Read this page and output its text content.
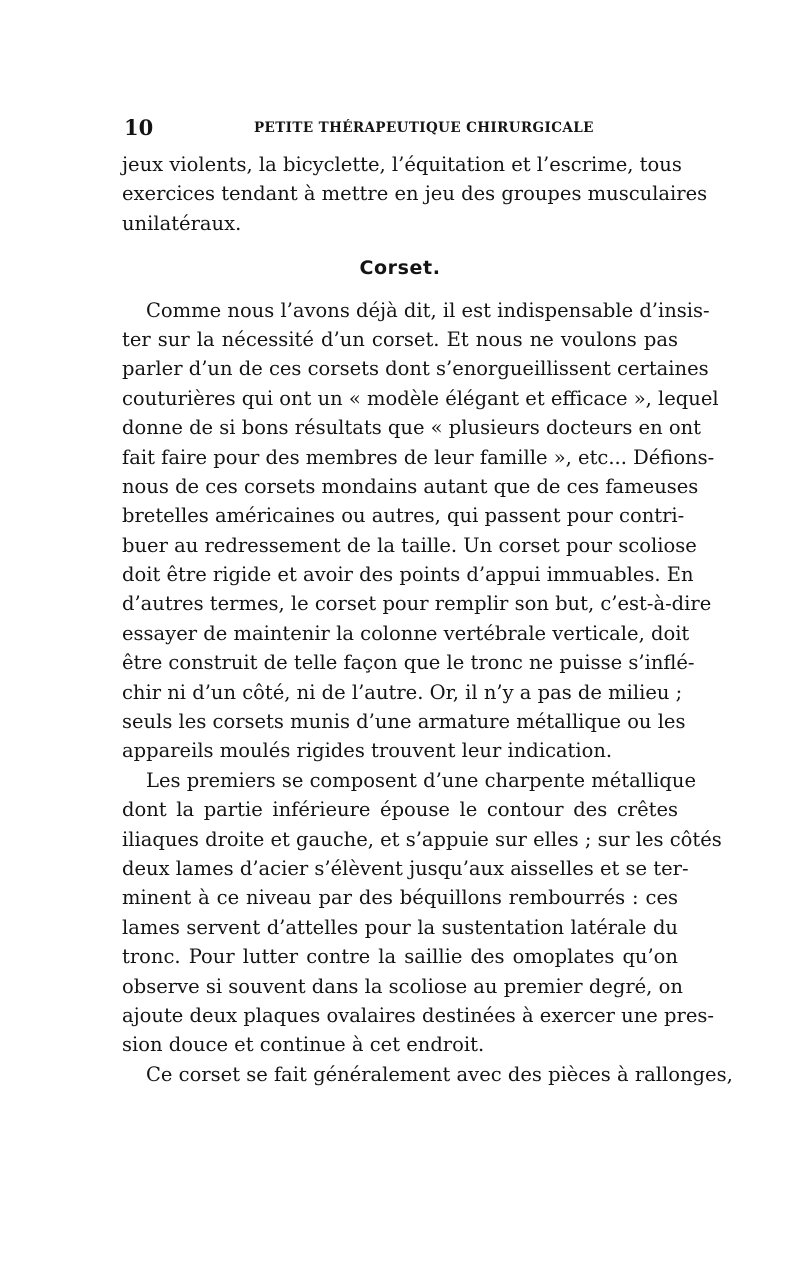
10	PETITE THÉRAPEUTIQUE CHIRURGICALE
jeux violents, la bicyclette, l’équitation et l’escrime, tous
exercices tendant à mettre en jeu des groupes musculaires
unilatéraux.
Corset.
Comme nous l’avons déjà dit, il est indispensable d’insis-
ter sur la nécessité d’un corset. Et nous ne voulons pas
parler d’un de ces corsets dont s’enorgueillissent certaines
couturières qui ont un « modèle élégant et efficace », lequel
donne de si bons résultats que « plusieurs docteurs en ont
fait faire pour des membres de leur famille », etc... Défions-
nous de ces corsets mondains autant que de ces fameuses
bretelles américaines ou autres, qui passent pour contri-
buer au redressement de la taille. Un corset pour scoliose
doit être rigide et avoir des points d’appui immuables. En
d’autres termes, le corset pour remplir son but, c’est-à-dire
essayer de maintenir la colonne vertébrale verticale, doit
être construit de telle façon que le tronc ne puisse s’inflé-
chir ni d’un côté, ni de l’autre. Or, il n’y a pas de milieu ;
seuls les corsets munis d’une armature métallique ou les
appareils moulés rigides trouvent leur indication.
Les premiers se composent d’une charpente métallique
dont la partie inférieure épouse le contour des crêtes
iliaques droite et gauche, et s’appuie sur elles ; sur les côtés
deux lames d’acier s’élèvent jusqu’aux aisselles et se ter-
minent à ce niveau par des béquillons rembourrés : ces
lames servent d’attelles pour la sustentation latérale du
tronc. Pour lutter contre la saillie des omoplates qu’on
observe si souvent dans la scoliose au premier degré, on
ajoute deux plaques ovalaires destinées à exercer une pres-
sion douce et continue à cet endroit.
Ce corset se fait généralement avec des pièces à rallonges,
